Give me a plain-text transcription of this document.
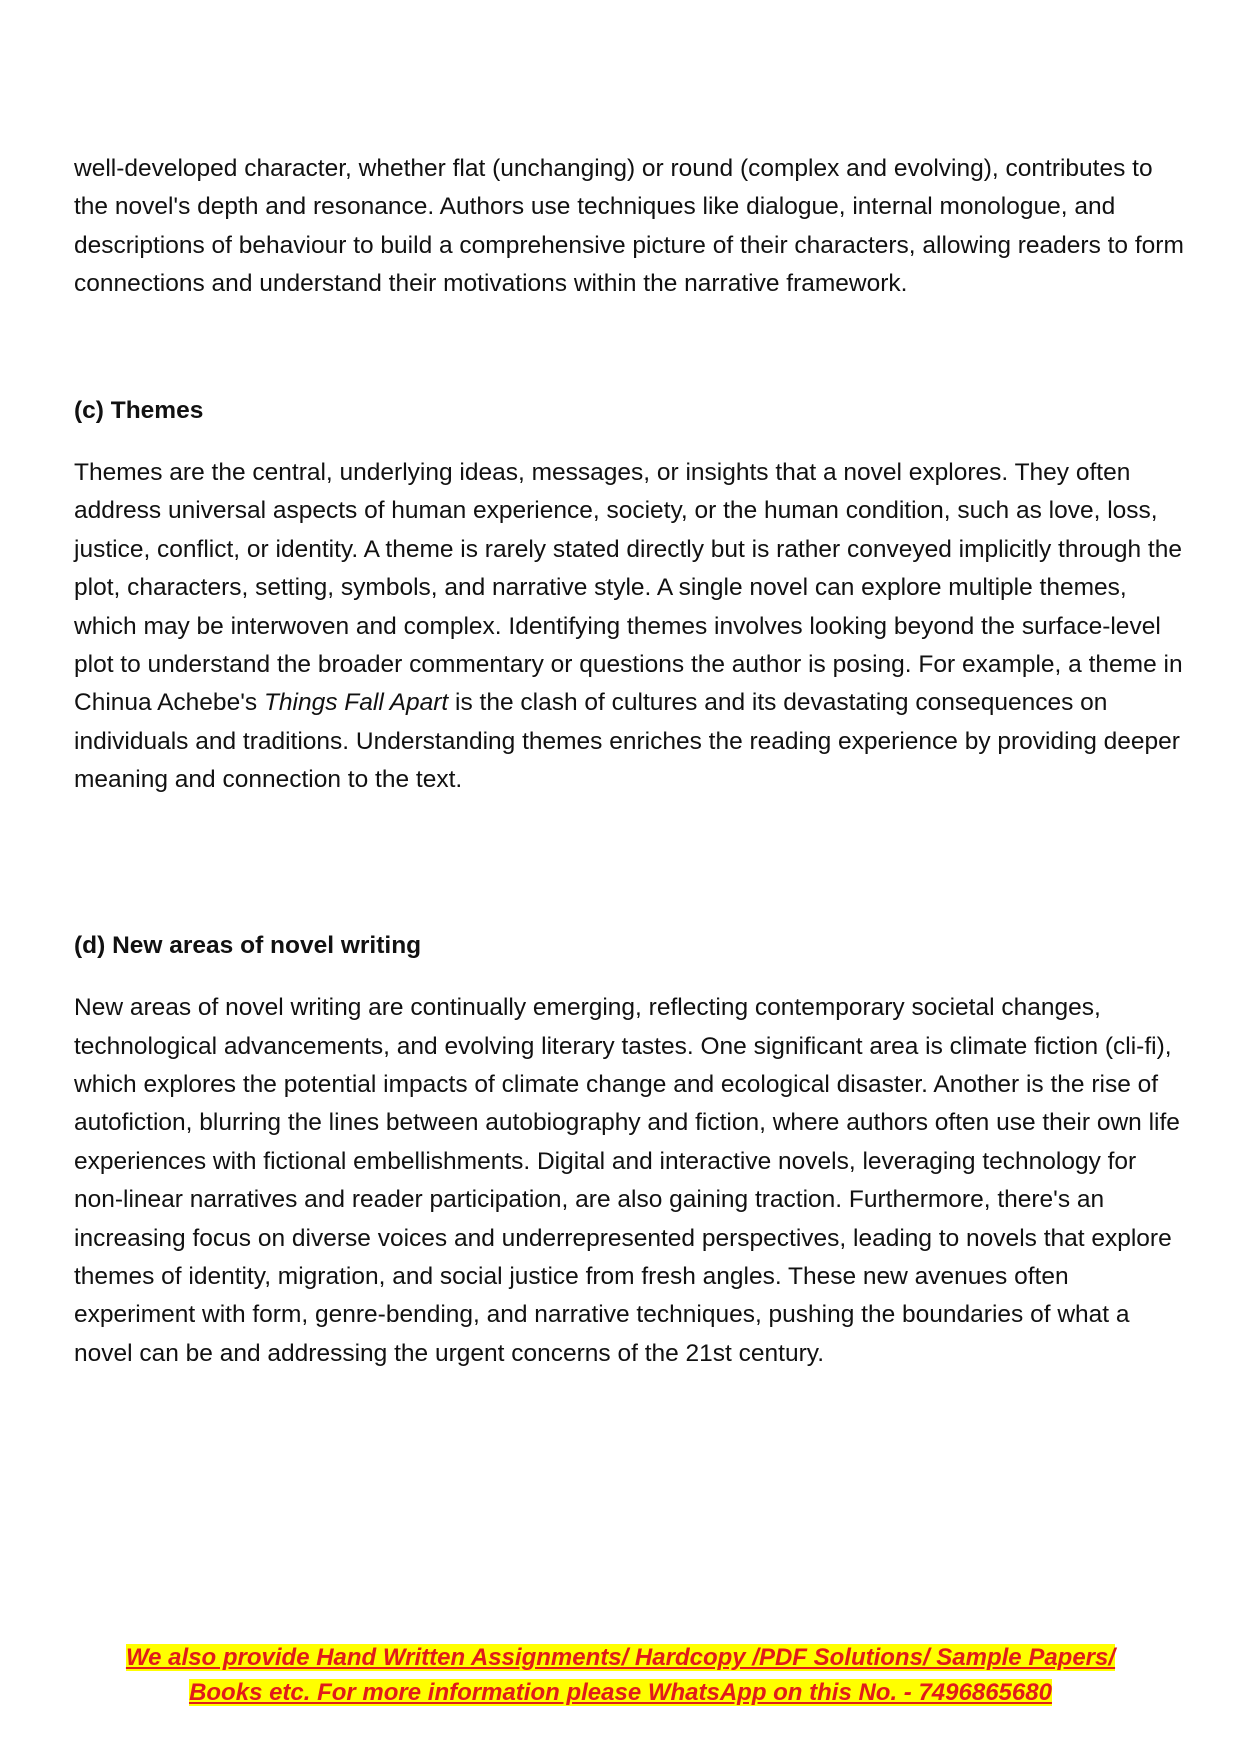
well-developed character, whether flat (unchanging) or round (complex and evolving), contributes to the novel's depth and resonance. Authors use techniques like dialogue, internal monologue, and descriptions of behaviour to build a comprehensive picture of their characters, allowing readers to form connections and understand their motivations within the narrative framework.

(c) Themes

Themes are the central, underlying ideas, messages, or insights that a novel explores. They often address universal aspects of human experience, society, or the human condition, such as love, loss, justice, conflict, or identity. A theme is rarely stated directly but is rather conveyed implicitly through the plot, characters, setting, symbols, and narrative style. A single novel can explore multiple themes, which may be interwoven and complex. Identifying themes involves looking beyond the surface-level plot to understand the broader commentary or questions the author is posing. For example, a theme in Chinua Achebe's Things Fall Apart is the clash of cultures and its devastating consequences on individuals and traditions. Understanding themes enriches the reading experience by providing deeper meaning and connection to the text.

(d) New areas of novel writing

New areas of novel writing are continually emerging, reflecting contemporary societal changes, technological advancements, and evolving literary tastes. One significant area is climate fiction (cli-fi), which explores the potential impacts of climate change and ecological disaster. Another is the rise of autofiction, blurring the lines between autobiography and fiction, where authors often use their own life experiences with fictional embellishments. Digital and interactive novels, leveraging technology for non-linear narratives and reader participation, are also gaining traction. Furthermore, there's an increasing focus on diverse voices and underrepresented perspectives, leading to novels that explore themes of identity, migration, and social justice from fresh angles. These new avenues often experiment with form, genre-bending, and narrative techniques, pushing the boundaries of what a novel can be and addressing the urgent concerns of the 21st century.

We also provide Hand Written Assignments/ Hardcopy /PDF Solutions/ Sample Papers/
Books etc. For more information please WhatsApp on this No. - 7496865680
